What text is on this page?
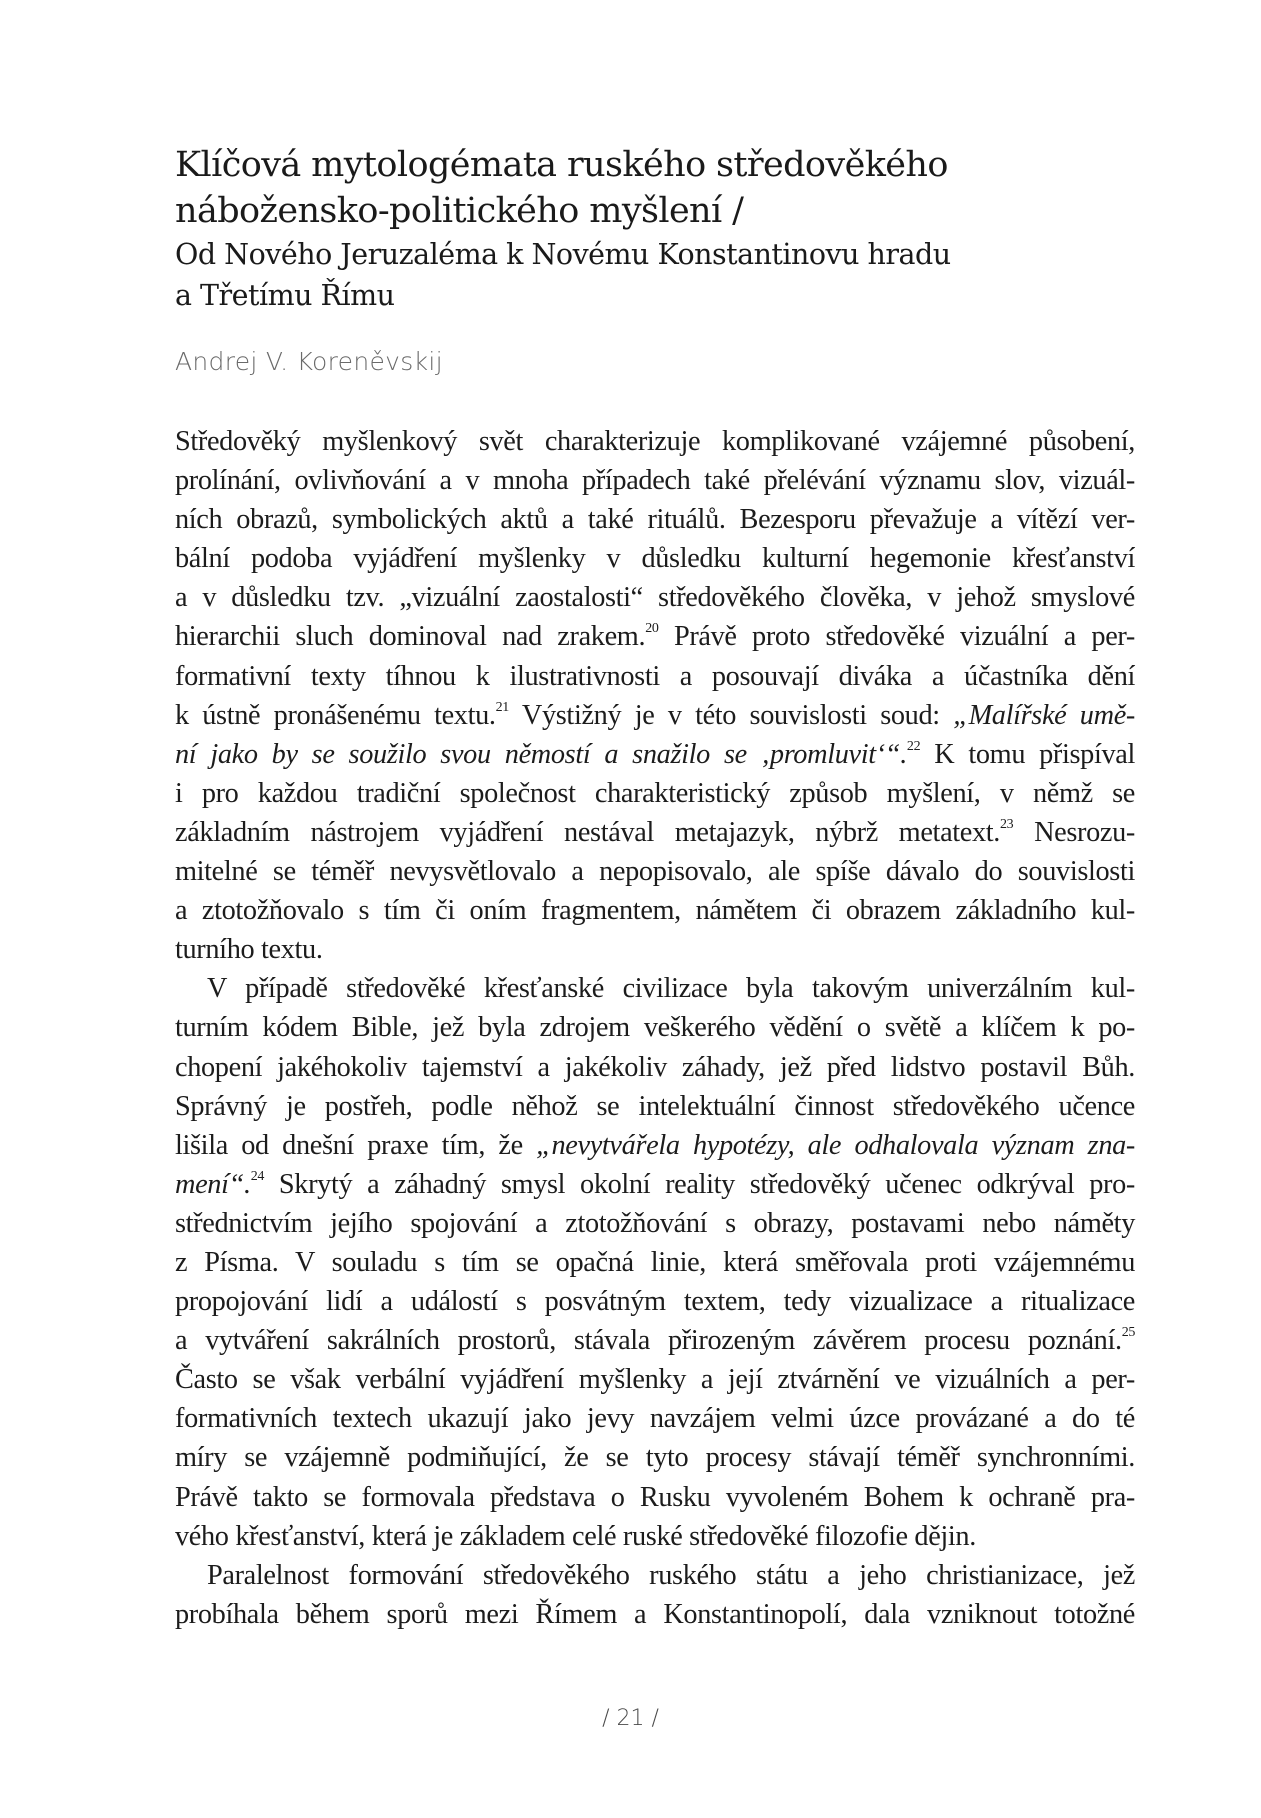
Klíčová mytologémata ruského středověkého
nábožensko-politického myšlení /
Od Nového Jeruzaléma k Novému Konstantinovu hradu
a Třetímu Římu
Andrej V. Koreněvskij
Středověký myšlenkový svět charakterizuje komplikované vzájemné působení,
prolínání, ovlivňování a v mnoha případech také přelévání významu slov, vizuál-
ních obrazů, symbolických aktů a také rituálů. Bezesporu převažuje a vítězí ver-
bální podoba vyjádření myšlenky v důsledku kulturní hegemonie křesťanství
a v důsledku tzv. „vizuální zaostalosti“ středověkého člověka, v jehož smyslové
hierarchii sluch dominoval nad zrakem.$^{20}$ Právě proto středověké vizuální a per-
formativní texty tíhnou k ilustrativnosti a posouvají diváka a účastníka dění
k ústně pronášenému textu.$^{21}$ Výstižný je v této souvislosti soud: „Malířské umě-
ní jako by se soužilo svou němostí a snažilo se ‚promluvit‘“.$^{22}$ K tomu přispíval
i pro každou tradiční společnost charakteristický způsob myšlení, v němž se
základním nástrojem vyjádření nestával metajazyk, nýbrž metatext.$^{23}$ Nesrozu-
mitelné se téměř nevysvětlovalo a nepopisovalo, ale spíše dávalo do souvislosti
a ztotožňovalo s tím či oním fragmentem, námětem či obrazem základního kul-
turního textu.
V případě středověké křesťanské civilizace byla takovým univerzálním kul-
turním kódem Bible, jež byla zdrojem veškerého vědění o světě a klíčem k po-
chopení jakéhokoliv tajemství a jakékoliv záhady, jež před lidstvo postavil Bůh.
Správný je postřeh, podle něhož se intelektuální činnost středověkého učence
lišila od dnešní praxe tím, že „nevytvářela hypotézy, ale odhalovala význam zna-
mení“.$^{24}$ Skrytý a záhadný smysl okolní reality středověký učenec odkrýval pro-
střednictvím jejího spojování a ztotožňování s obrazy, postavami nebo náměty
z Písma. V souladu s tím se opačná linie, která směřovala proti vzájemnému
propojování lidí a událostí s posvátným textem, tedy vizualizace a ritualizace
a vytváření sakrálních prostorů, stávala přirozeným závěrem procesu poznání.$^{25}$
Často se však verbální vyjádření myšlenky a její ztvárnění ve vizuálních a per-
formativních textech ukazují jako jevy navzájem velmi úzce provázané a do té
míry se vzájemně podmiňující, že se tyto procesy stávají téměř synchronními.
Právě takto se formovala představa o Rusku vyvoleném Bohem k ochraně pra-
vého křesťanství, která je základem celé ruské středověké filozofie dějin.
Paralelnost formování středověkého ruského státu a jeho christianizace, jež
probíhala během sporů mezi Římem a Konstantinopolí, dala vzniknout totožné
/ 21 /
